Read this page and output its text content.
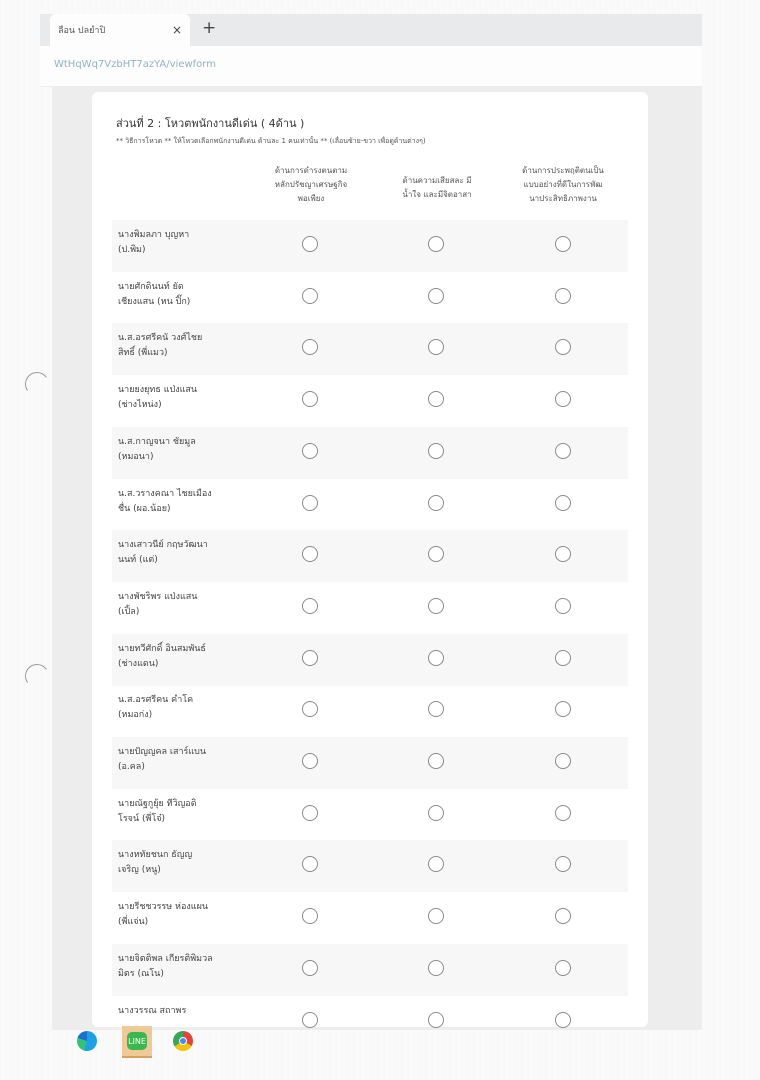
ลือน ปลยำปิ	× +
WtHqWq7VzbHT7azYA/viewform
ส่วนที่ 2 : โหวตพนักงานดีเด่น ( 4ด้าน )
** วิธีการโหวต ** ให้โหวตเลือกพนักงานดีเด่น ด้านละ 1 คนเท่านั้น ** (เลื่อนซ้าย-ขวา เพื่อดูด้านต่างๆ)
ด้านการดำรงตนตาม
หลักปรัชญาเศรษฐกิจ
พอเพียง
ด้านความเสียสละ มี
น้ำใจ และมีจิตอาสา
ด้านการประพฤติตนเป็น
แบบอย่างที่ดีในการพัฒ
นาประสิทธิภาพงาน
นางพิมลภา บุญหา
(ป.พิม)
นายศักดินนท์ ยัด
เชียงแสน (หน ปิ๊ก)
น.ส.อรศรีคนั วงศ์ไชย
สิทธิ์ (พี่แมว)
นายยงยุทธ แป่งแสน
(ช่างไหน่ง)
น.ส.กาญจนา ชัยมูล
(หมอนา)
น.ส.วรางคณา ไชยเมือง
ชื่น (ผอ.น้อย)
นางเสาวนีย์ กฤษวัฒนา
นนท์ (แต่)
นางพัชริพร แป่งแสน
(เปิ้ล)
นายทวีศักดิ์ อินสมพันธ์
(ช่างแดน)
น.ส.อรศรีคน คำโค
(หมอก่ง)
นายปัญญคล เสาร์แบน
(อ.คล)
นายณัฐกูยุ้ย ทีวิญอดิ
โรจน์ (พี่โจ๋)
นางหทัยชนก ธัญญ
เจริญ (หนู)
นายรีชชวรรษ ห่องแผน
(พี่แจ่น)
นายจิตติพล เกียรติพิมวล
มิตร (ณโน)
นางวรรณ สถาพร
LINE
